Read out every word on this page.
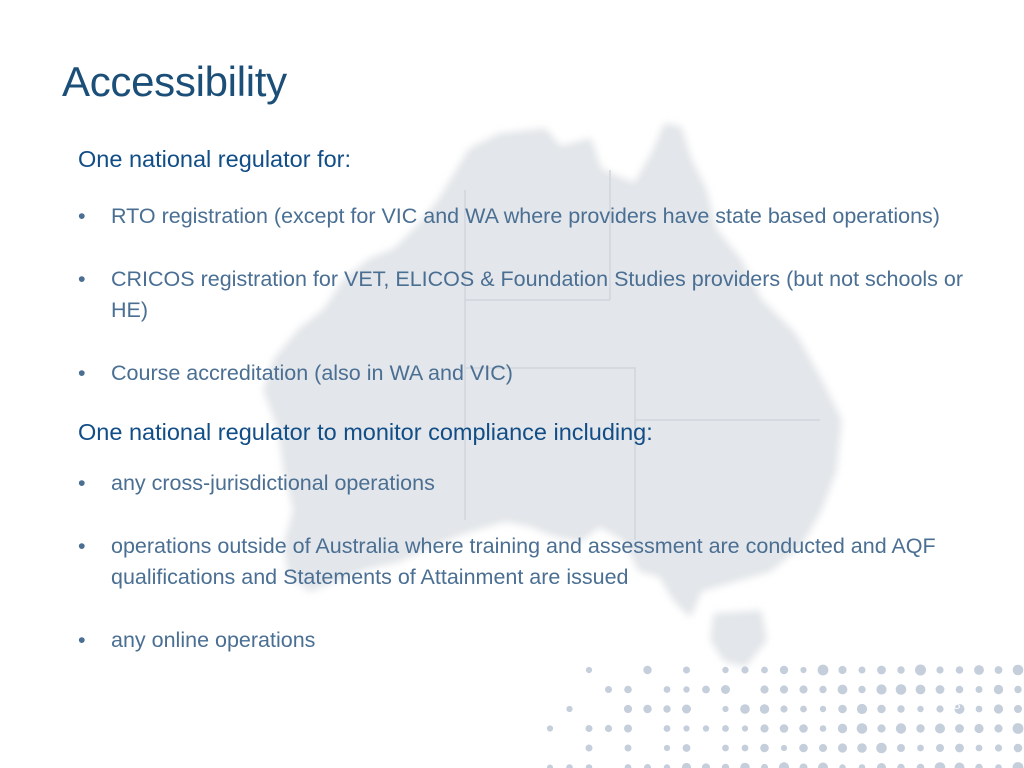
Accessibility

One national regulator for:

• RTO registration (except for VIC and WA where providers have state based operations)
• CRICOS registration for VET, ELICOS & Foundation Studies providers (but not schools or HE)
• Course accreditation (also in WA and VIC)

One national regulator to monitor compliance including:

• any cross-jurisdictional operations
• operations outside of Australia where training and assessment are conducted and AQF qualifications and Statements of Attainment are issued
• any online operations
18
